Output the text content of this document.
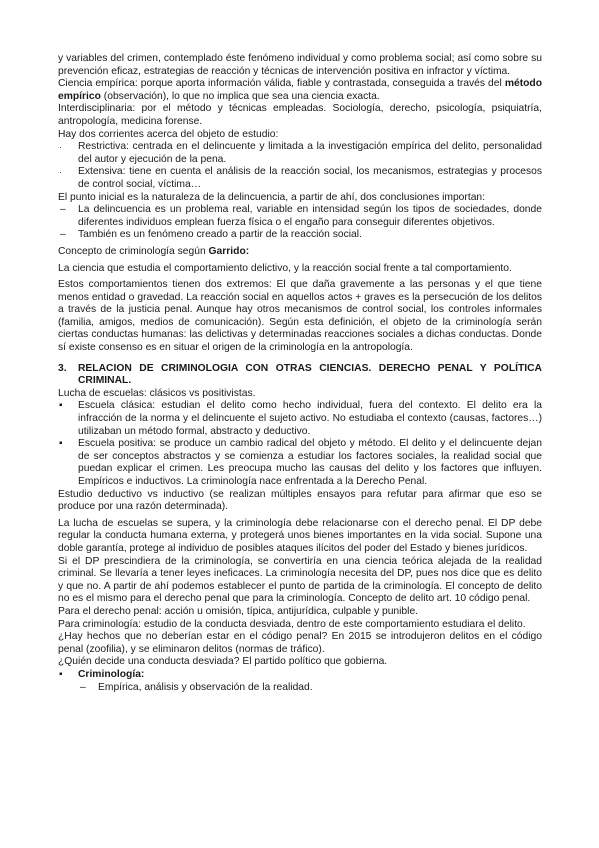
y variables del crimen, contemplado éste fenómeno individual y como problema social; así como sobre su prevención eficaz, estrategias de reacción y técnicas de intervención positiva en infractor y víctima.

Ciencia empírica: porque aporta información válida, fiable y contrastada, conseguida a través del método empírico (observación), lo que no implica que sea una ciencia exacta.

Interdisciplinaria: por el método y técnicas empleadas. Sociología, derecho, psicología, psiquiatría, antropología, medicina forense.

Hay dos corrientes acerca del objeto de estudio:

· Restrictiva: centrada en el delincuente y limitada a la investigación empírica del delito, personalidad del autor y ejecución de la pena.
· Extensiva: tiene en cuenta el análisis de la reacción social, los mecanismos, estrategias y procesos de control social, víctima…

El punto inicial es la naturaleza de la delincuencia, a partir de ahí, dos conclusiones importan:

– La delincuencia es un problema real, variable en intensidad según los tipos de sociedades, donde diferentes individuos emplean fuerza física o el engaño para conseguir diferentes objetivos.
– También es un fenómeno creado a partir de la reacción social.

Concepto de criminología según Garrido:

La ciencia que estudia el comportamiento delictivo, y la reacción social frente a tal comportamiento.

Estos comportamientos tienen dos extremos: El que daña gravemente a las personas y el que tiene menos entidad o gravedad. La reacción social en aquellos actos + graves es la persecución de los delitos a través de la justicia penal. Aunque hay otros mecanismos de control social, los controles informales (familia, amigos, medios de comunicación). Según esta definición, el objeto de la criminología serán ciertas conductas humanas: las delictivas y determinadas reacciones sociales a dichas conductas. Donde sí existe consenso es en situar el origen de la criminología en la antropología.

3. RELACION DE CRIMINOLOGIA CON OTRAS CIENCIAS. DERECHO PENAL Y POLÍTICA CRIMINAL.

Lucha de escuelas: clásicos vs positivistas.

▪ Escuela clásica: estudian el delito como hecho individual, fuera del contexto. El delito era la infracción de la norma y el delincuente el sujeto activo. No estudiaba el contexto (causas, factores…) utilizaban un método formal, abstracto y deductivo.
▪ Escuela positiva: se produce un cambio radical del objeto y método. El delito y el delincuente dejan de ser conceptos abstractos y se comienza a estudiar los factores sociales, la realidad social que puedan explicar el crimen. Les preocupa mucho las causas del delito y los factores que influyen. Empíricos e inductivos. La criminología nace enfrentada a la Derecho Penal.

Estudio deductivo vs inductivo (se realizan múltiples ensayos para refutar para afirmar que eso se produce por una razón determinada).

La lucha de escuelas se supera, y la criminología debe relacionarse con el derecho penal. El DP debe regular la conducta humana externa, y protegerá unos bienes importantes en la vida social. Supone una doble garantía, protege al individuo de posibles ataques ilícitos del poder del Estado y bienes jurídicos.

Si el DP prescindiera de la criminología, se convertiría en una ciencia teórica alejada de la realidad criminal. Se llevaría a tener leyes ineficaces. La criminología necesita del DP, pues nos dice que es delito y que no. A partir de ahí podemos establecer el punto de partida de la criminología. El concepto de delito no es el mismo para el derecho penal que para la criminología. Concepto de delito art. 10 código penal.

Para el derecho penal: acción u omisión, típica, antijurídica, culpable y punible.

Para criminología: estudio de la conducta desviada, dentro de este comportamiento estudiara el delito.

¿Hay hechos que no deberían estar en el código penal? En 2015 se introdujeron delitos en el código penal (zoofilia), y se eliminaron delitos (normas de tráfico).

¿Quién decide una conducta desviada? El partido político que gobierna.

▪ Criminología:
– Empírica, análisis y observación de la realidad.
